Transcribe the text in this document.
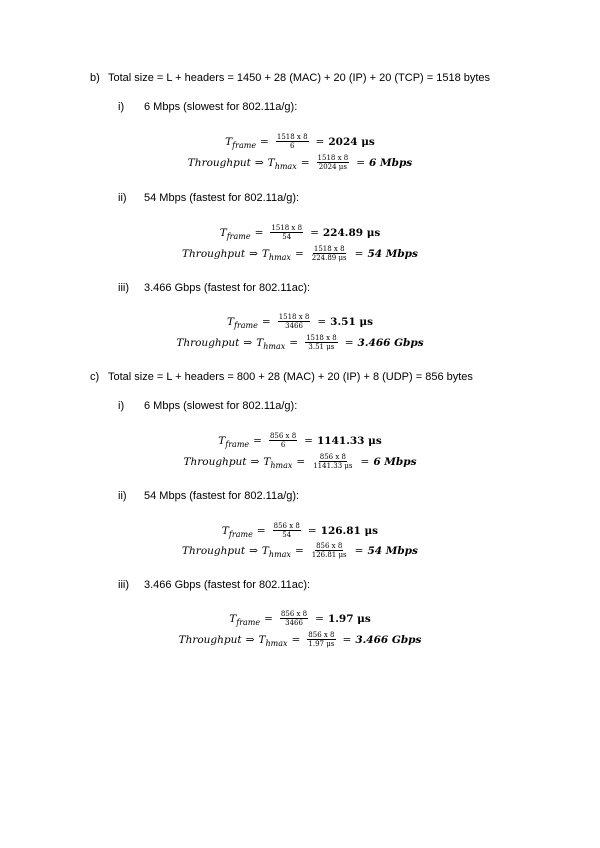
b) Total size = L + headers = 1450 + 28 (MAC) + 20 (IP) + 20 (TCP) = 1518 bytes
i) 6 Mbps (slowest for 802.11a/g):
T frame = $\frac{1518 x 8}{6} = 2024$ μs
Throughput ⇒ T $hmax = \frac{1518 x 8}{2024 \mu s} = 6$ Mbps
ii) 54 Mbps (fastest for 802.11a/g):
T frame = $\frac{1518 x 8}{54} = 224.89$ μs
Throughput ⇒ T $hmax = \frac{1518 x 8}{224.89 \mu s} = 54$ Mbps
iii) 3.466 Gbps (fastest for 802.11ac):
T frame = $\frac{1518 x 8}{3466} = 3.51$ μs
Throughput ⇒ T $hmax = \frac{1518 x 8}{3.51 \mu s} = 3.466$ Gbps
c) Total size = L + headers = 800 + 28 (MAC) + 20 (IP) + 8 (UDP) = 856 bytes
i) 6 Mbps (slowest for 802.11a/g):
T frame = $\frac{856 x 8}{6} = 1141.33$ μs
Throughput ⇒ T $hmax = \frac{856 x 8}{1141.33 \mu s} = 6$ Mbps
ii) 54 Mbps (fastest for 802.11a/g):
T frame = $\frac{856 x 8}{54} = 126.81$ μs
Throughput ⇒ T $hmax = \frac{856 x 8}{126.81 \mu s} = 54$ Mbps
iii) 3.466 Gbps (fastest for 802.11ac):
T frame = $\frac{856 x 8}{3466} = 1.97$ μs
Throughput ⇒ T $hmax = \frac{856 x 8}{1.97 \mu s} = 3.466$ Gbps
